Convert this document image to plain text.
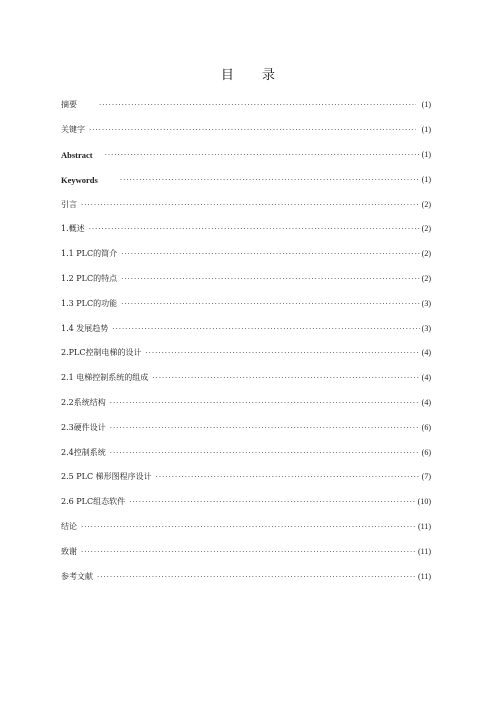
目 录
摘要 ·····	(1)
关键字 ·····	(1)
Abstract ·····	(1)
Keywords ·····	(1)
引言 ·····	(2)
1.概述 ·····	(2)
1.1 PLC的简介 ·····	(2)
1.2 PLC的特点 ·····	(2)
1.3 PLC的功能 ·····	(3)
1.4 发展趋势 ·····	(3)
2.PLC控制电梯的设计 ·····	(4)
2.1 电梯控制系统的组成 ·····	(4)
2.2系统结构 ·····	(4)
2.3硬件设计 ·····	(6)
2.4控制系统 ·····	(6)
2.5 PLC 梯形图程序设计 ·····	(7)
2.6 PLC组态软件 ·····	(10)
结论 ·····	(11)
致谢 ·····	(11)
参考文献 ·····	(11)
